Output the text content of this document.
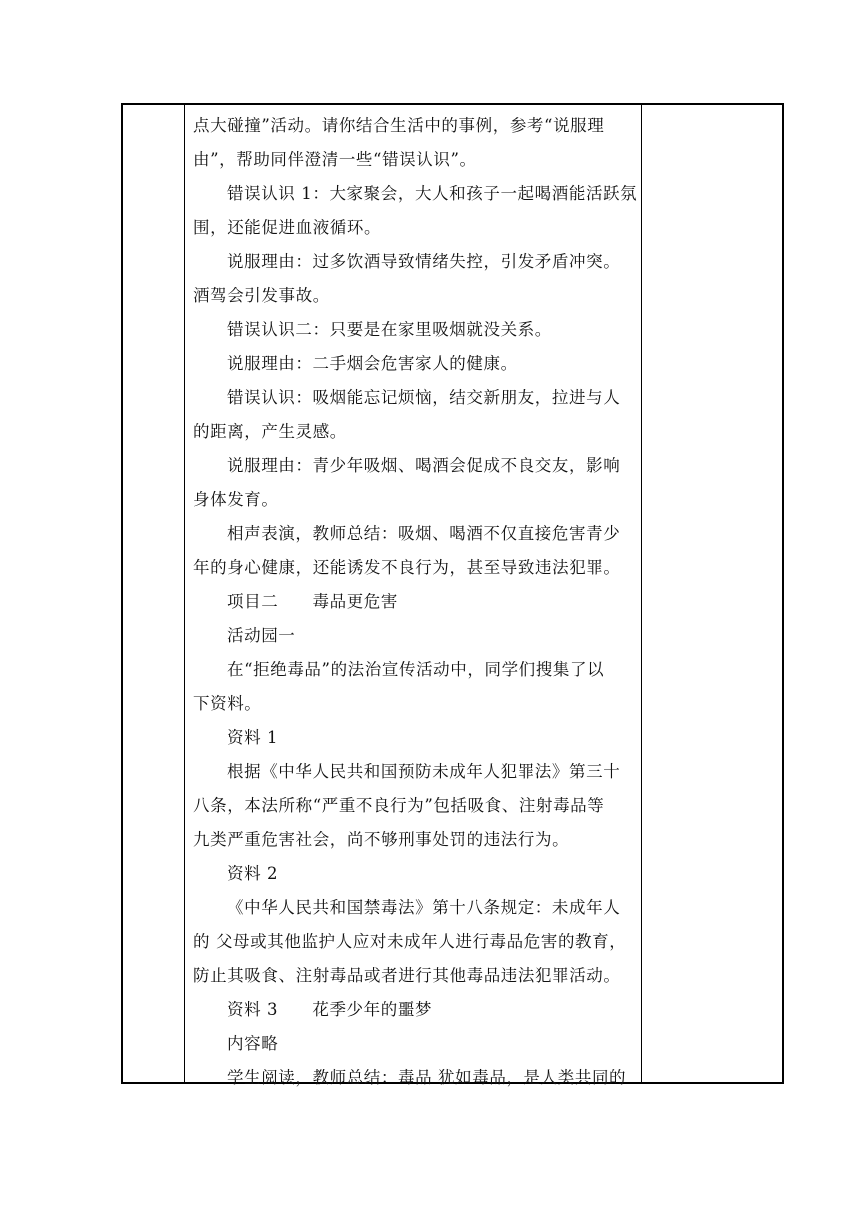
点大碰撞”活动。请你结合生活中的事例，参考“说服理
由”，帮助同伴澄清一些“错误认识”。
错误认识 1：大家聚会，大人和孩子一起喝酒能活跃氛
围，还能促进血液循环。
说服理由：过多饮酒导致情绪失控，引发矛盾冲突。
酒驾会引发事故。
错误认识二：只要是在家里吸烟就没关系。
说服理由：二手烟会危害家人的健康。
错误认识：吸烟能忘记烦恼，结交新朋友，拉进与人
的距离，产生灵感。
说服理由：青少年吸烟、喝酒会促成不良交友，影响
身体发育。
相声表演，教师总结：吸烟、喝酒不仅直接危害青少
年的身心健康，还能诱发不良行为，甚至导致违法犯罪。
项目二　　毒品更危害
活动园一
在“拒绝毒品”的法治宣传活动中，同学们搜集了以
下资料。
资料 1
根据《中华人民共和国预防未成年人犯罪法》第三十
八条，本法所称“严重不良行为”包括吸食、注射毒品等
九类严重危害社会，尚不够刑事处罚的违法行为。
资料 2
《中华人民共和国禁毒法》第十八条规定：未成年人
的 父母或其他监护人应对未成年人进行毒品危害的教育，
防止其吸食、注射毒品或者进行其他毒品违法犯罪活动。
资料 3　　花季少年的噩梦
内容略
学生阅读，教师总结：毒品 犹如毒品，是人类共同的
